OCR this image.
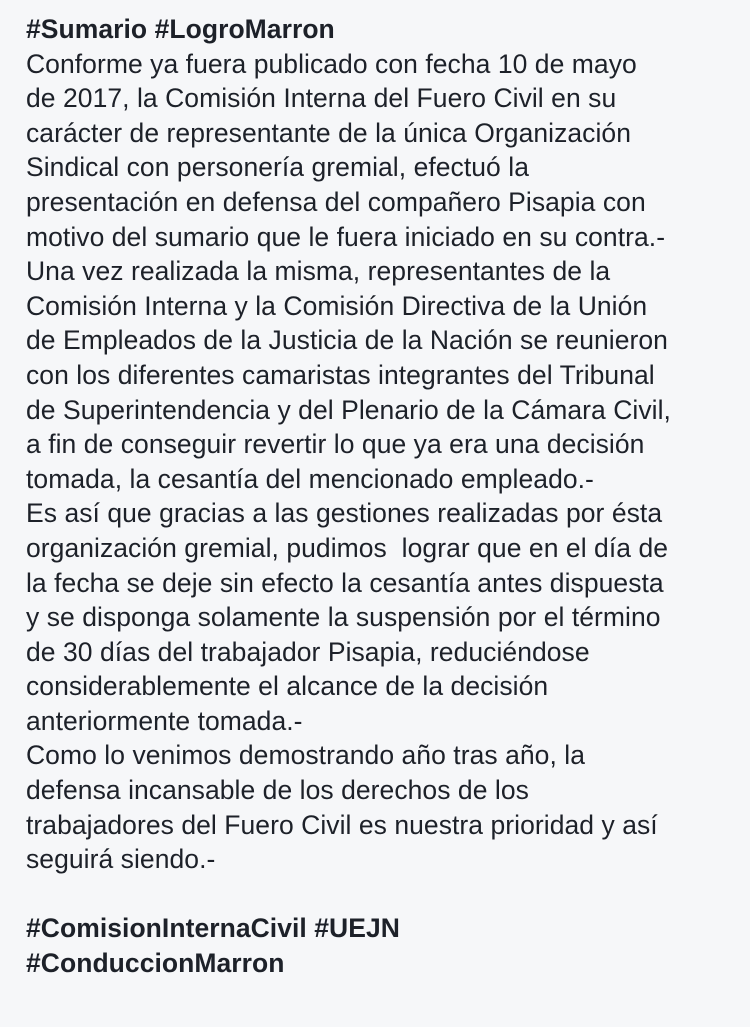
#Sumario #LogroMarron
Conforme ya fuera publicado con fecha 10 de mayo
de 2017, la Comisión Interna del Fuero Civil en su
carácter de representante de la única Organización
Sindical con personería gremial, efectuó la
presentación en defensa del compañero Pisapia con
motivo del sumario que le fuera iniciado en su contra.-
Una vez realizada la misma, representantes de la
Comisión Interna y la Comisión Directiva de la Unión
de Empleados de la Justicia de la Nación se reunieron
con los diferentes camaristas integrantes del Tribunal
de Superintendencia y del Plenario de la Cámara Civil,
a fin de conseguir revertir lo que ya era una decisión
tomada, la cesantía del mencionado empleado.-
Es así que gracias a las gestiones realizadas por ésta
organización gremial, pudimos  lograr que en el día de
la fecha se deje sin efecto la cesantía antes dispuesta
y se disponga solamente la suspensión por el término
de 30 días del trabajador Pisapia, reduciéndose
considerablemente el alcance de la decisión
anteriormente tomada.-
Como lo venimos demostrando año tras año, la
defensa incansable de los derechos de los
trabajadores del Fuero Civil es nuestra prioridad y así
seguirá siendo.-
#ComisionInternaCivil #UEJN
#ConduccionMarron
